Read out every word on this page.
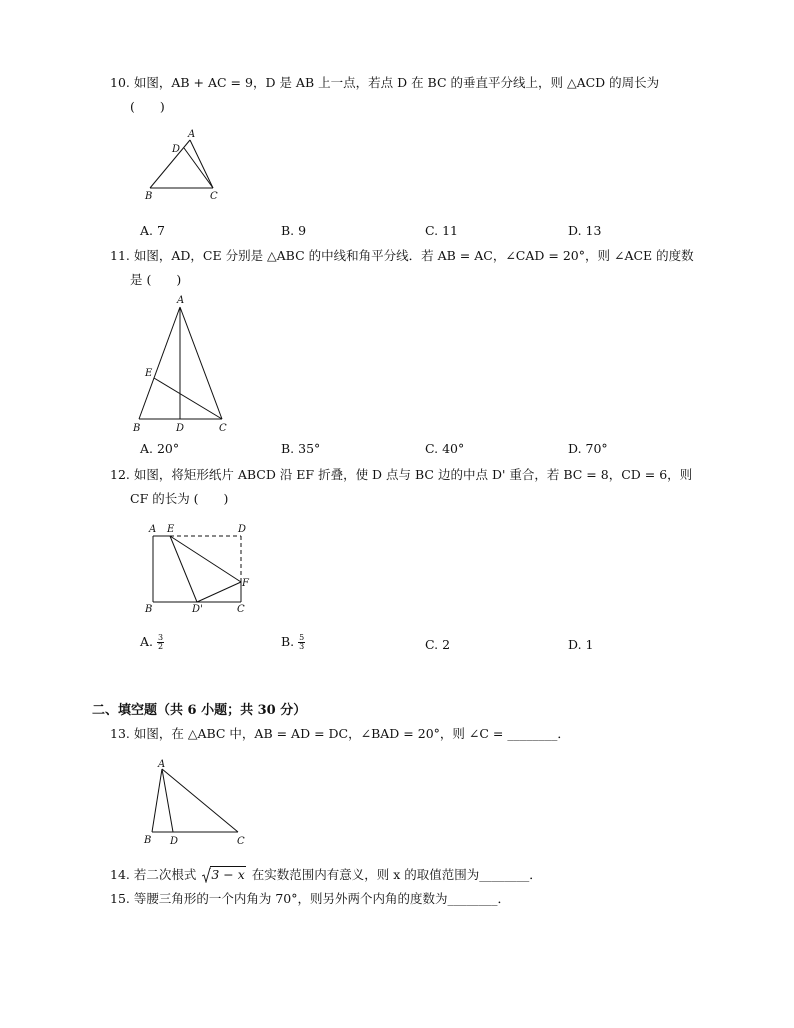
10. 如图，AB + AC = 9，D 是 AB 上一点，若点 D 在 BC 的垂直平分线上，则 △ACD 的周长为
(　　)
A
D
B	C
A. 7	B. 9	C. 11	D. 13
11. 如图，AD，CE 分别是 △ABC 的中线和角平分线．若 AB = AC，∠CAD = 20°，则 ∠ACE 的度数
是 (　　)
A
E
B	D	C
A. 20°	B. 35°	C. 40°	D. 70°
12. 如图，将矩形纸片 ABCD 沿 EF 折叠，使 D 点与 BC 边的中点 D' 重合，若 BC = 8，CD = 6，则
CF 的长为 (　　)
A E	D
F
B	D'	C
A. $\frac{3}{2}$	B. $\frac{5}{3}$	C. 2	D. 1
二、填空题（共 6 小题；共 30 分）
13. 如图，在 △ABC 中，AB = AD = DC，∠BAD = 20°，则 ∠C = ________．
A
B D	C
14. 若二次根式 3 − x 在实数范围内有意义，则 x 的取值范围为________．
15. 等腰三角形的一个内角为 70°，则另外两个内角的度数为________．
